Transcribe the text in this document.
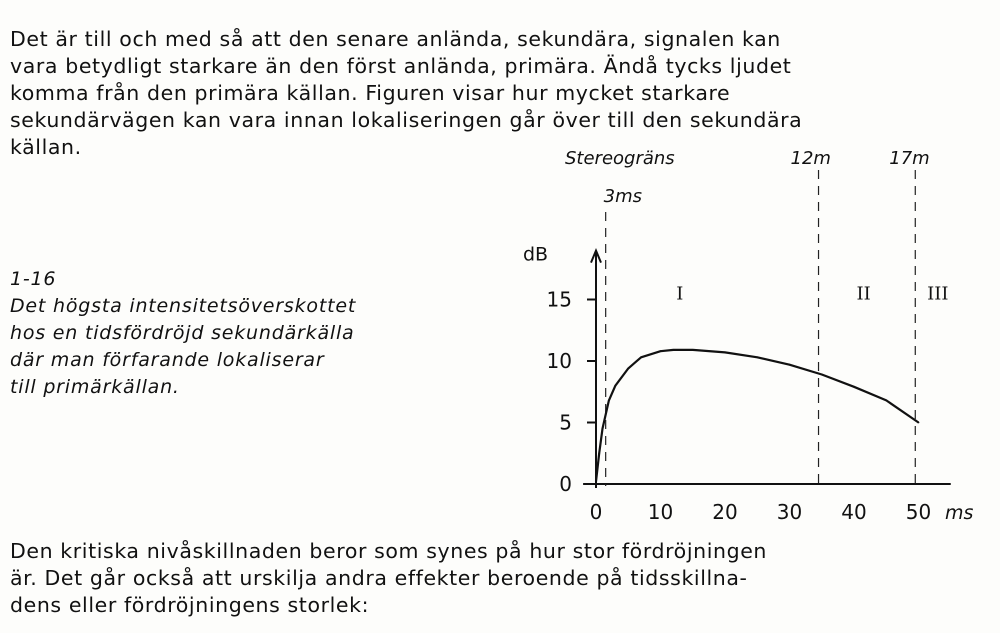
Det är till och med så att den senare anlända, sekundära, signalen kan
vara betydligt starkare än den först anlända, primära. Ändå tycks ljudet
komma från den primära källan. Figuren visar hur mycket starkare
sekundärvägen kan vara innan lokaliseringen går över till den sekundära
källan.
1-16
Det högsta intensitetsöverskottet
hos en tidsfördröjd sekundärkälla
där man förfarande lokaliserar
till primärkällan.
dB
ms
0
5
10
15
0 10 20 30 40 50
3ms
12m	17m
Stereogräns
I	II	III
Den kritiska nivåskillnaden beror som synes på hur stor fördröjningen
är. Det går också att urskilja andra effekter beroende på tidsskillna-
dens eller fördröjningens storlek:
